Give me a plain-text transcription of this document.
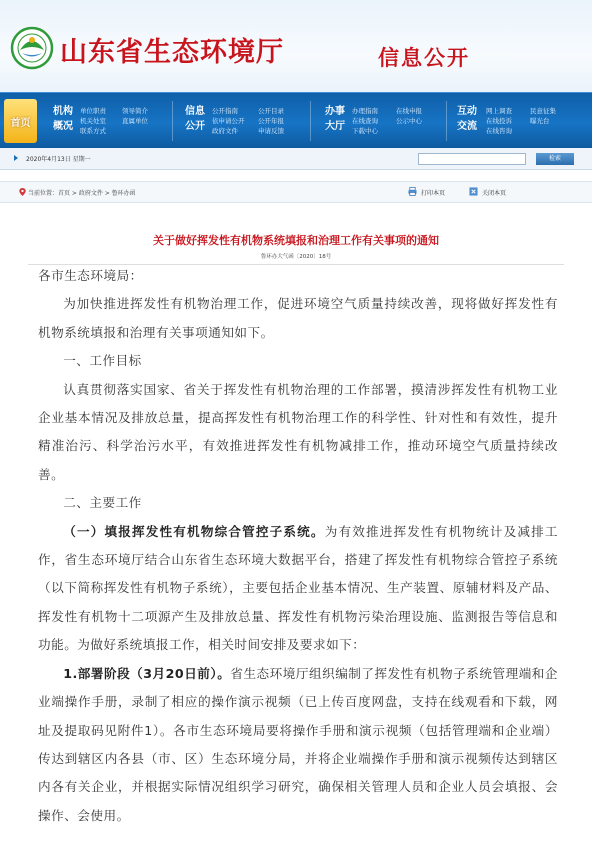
山东省生态环境厅	信息公开
首页
机构
概况
单位职责 领导简介
机关处室 直属单位
联系方式
信息
公开
公开指南	公开目录
依申请公开 公开年报
政府文件	申请反馈
办事
大厅
办理指南	在线申报
在线查询	公示中心
下载中心
互动
交流
网上调查	民意征集
在线投诉	曝光台
在线咨询
2020年4月13日 星期一	检索
当前位置：首页 > 政府文件 > 鲁环办函	打印本页	关闭本页
关于做好挥发性有机物系统填报和治理工作有关事项的通知
鲁环办大气函〔2020〕18号
各市生态环境局：
为加快推进挥发性有机物治理工作，促进环境空气质量持续改善，现将做好挥发性有机物系统填报和治理有关事项通知如下。
一、工作目标
认真贯彻落实国家、省关于挥发性有机物治理的工作部署，摸清涉挥发性有机物工业企业基本情况及排放总量，提高挥发性有机物治理工作的科学性、针对性和有效性，提升精准治污、科学治污水平，有效推进挥发性有机物减排工作，推动环境空气质量持续改善。
二、主要工作
（一）填报挥发性有机物综合管控子系统。为有效推进挥发性有机物统计及减排工作，省生态环境厅结合山东省生态环境大数据平台，搭建了挥发性有机物综合管控子系统（以下简称挥发性有机物子系统），主要包括企业基本情况、生产装置、原辅材料及产品、挥发性有机物十二项源产生及排放总量、挥发性有机物污染治理设施、监测报告等信息和功能。为做好系统填报工作，相关时间安排及要求如下：
1.部署阶段（3月20日前）。省生态环境厅组织编制了挥发性有机物子系统管理端和企业端操作手册，录制了相应的操作演示视频（已上传百度网盘，支持在线观看和下载，网址及提取码见附件1）。各市生态环境局要将操作手册和演示视频（包括管理端和企业端）传达到辖区内各县（市、区）生态环境分局，并将企业端操作手册和演示视频传达到辖区内各有关企业，并根据实际情况组织学习研究，确保相关管理人员和企业人员会填报、会操作、会使用。
